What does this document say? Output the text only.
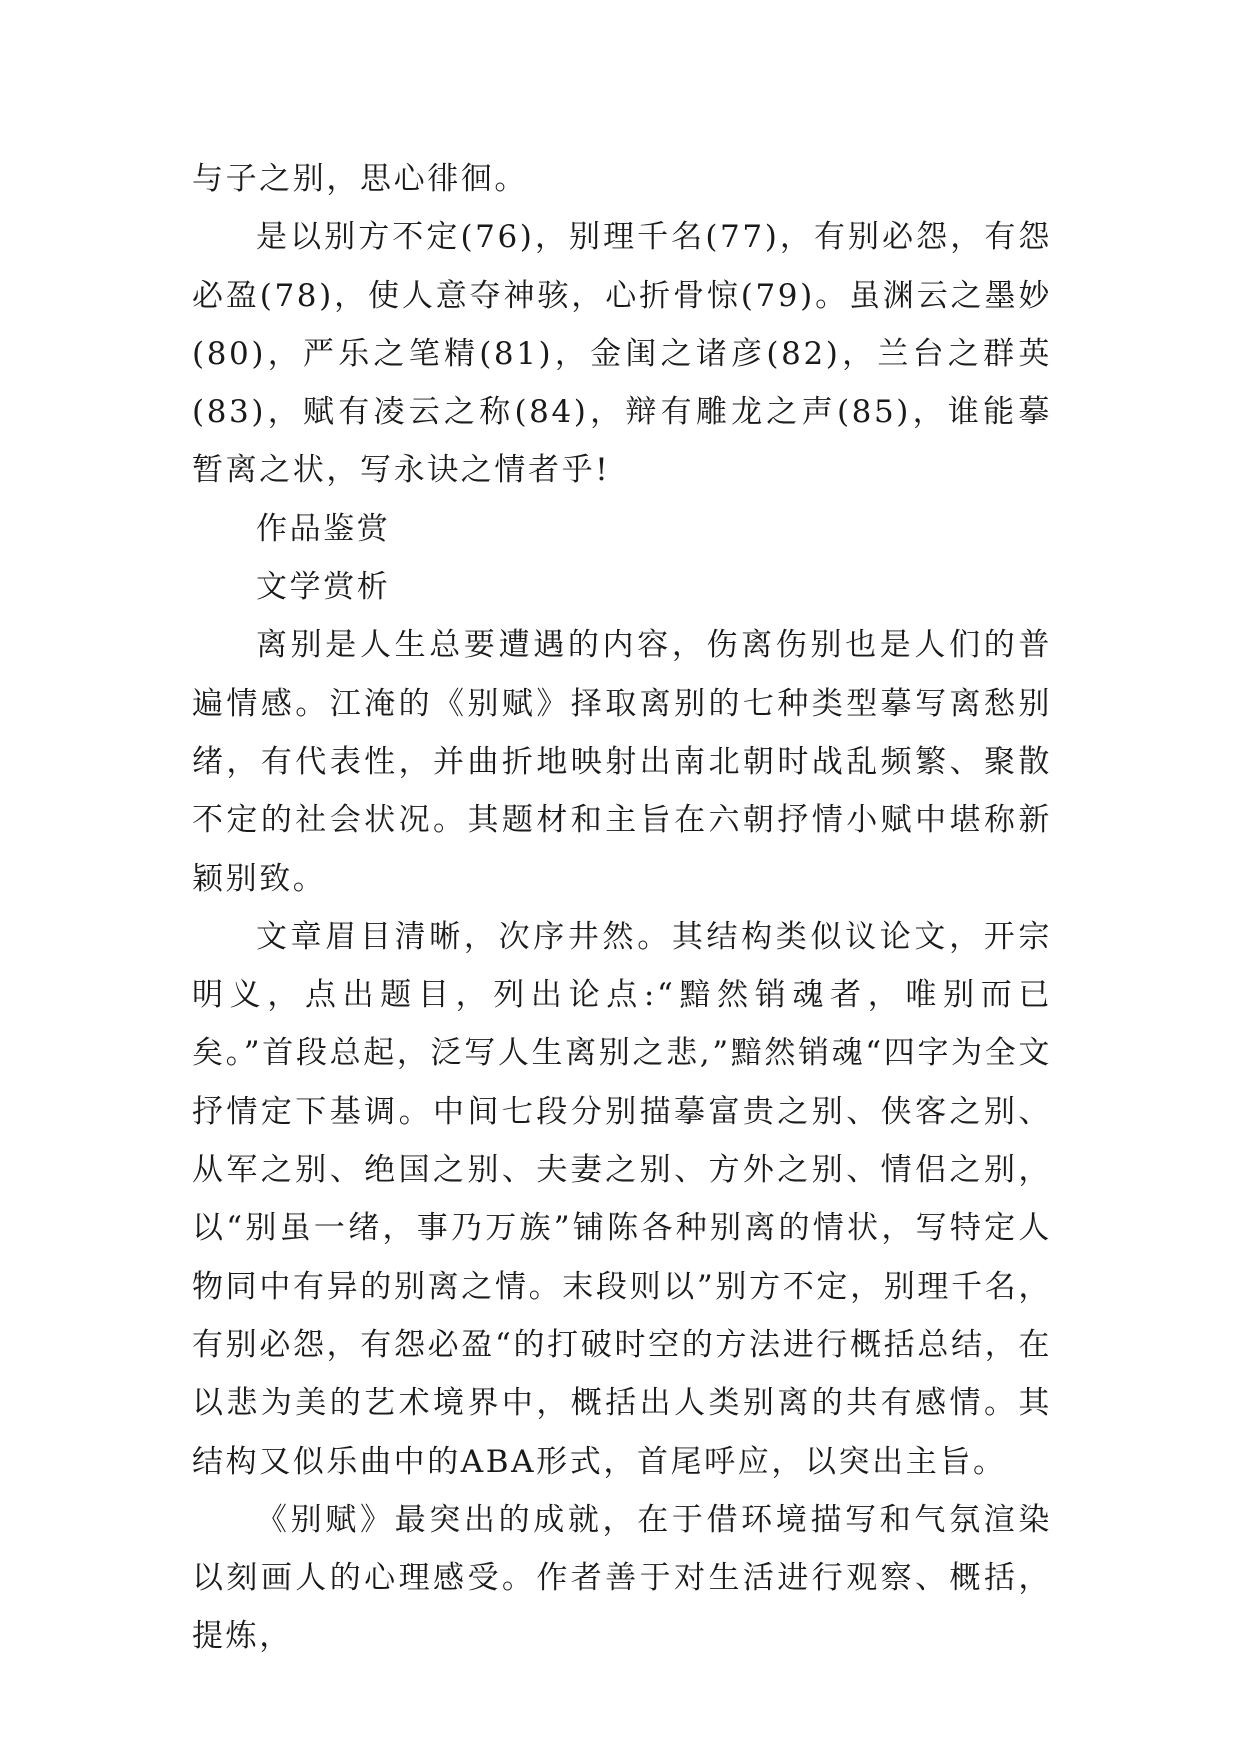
与子之别，思心徘徊。

是以别方不定(76)，别理千名(77)，有别必怨，有怨必盈(78)，使人意夺神骇，心折骨惊(79)。虽渊云之墨妙(80)，严乐之笔精(81)，金闺之诸彦(82)，兰台之群英(83)，赋有凌云之称(84)，辩有雕龙之声(85)，谁能摹暂离之状，写永诀之情者乎!

作品鉴赏

文学赏析

离别是人生总要遭遇的内容，伤离伤别也是人们的普遍情感。江淹的《别赋》择取离别的七种类型摹写离愁别绪，有代表性，并曲折地映射出南北朝时战乱频繁、聚散不定的社会状况。其题材和主旨在六朝抒情小赋中堪称新颖别致。

文章眉目清晰，次序井然。其结构类似议论文，开宗明义，点出题目，列出论点:“黯然销魂者，唯别而已矣。”首段总起，泛写人生离别之悲,”黯然销魂“四字为全文抒情定下基调。中间七段分别描摹富贵之别、侠客之别、从军之别、绝国之别、夫妻之别、方外之别、情侣之别，以“别虽一绪，事乃万族”铺陈各种别离的情状，写特定人物同中有异的别离之情。末段则以”别方不定，别理千名，有别必怨，有怨必盈“的打破时空的方法进行概括总结，在以悲为美的艺术境界中，概括出人类别离的共有感情。其结构又似乐曲中的ABA形式，首尾呼应，以突出主旨。

《别赋》最突出的成就，在于借环境描写和气氛渲染以刻画人的心理感受。作者善于对生活进行观察、概括，提炼，
